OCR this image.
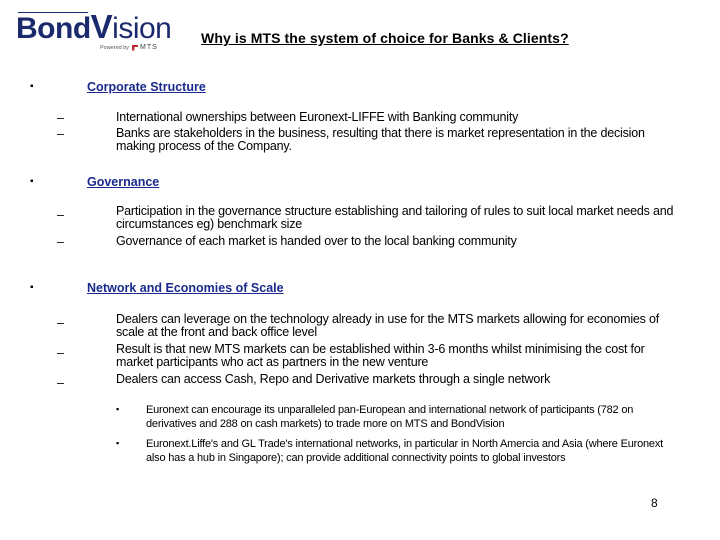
BondVision
Powered by MTS
Why is MTS the system of choice for Banks & Clients?
▪	Corporate Structure
–	International ownerships between Euronext-LIFFE with Banking community
–	Banks are stakeholders in the business, resulting that there is market representation in the decision making process of the Company.
▪	Governance
–	Participation in the governance structure establishing and tailoring of rules to suit local market needs and circumstances eg) benchmark size
–	Governance of each market is handed over to the local banking community
▪	Network and Economies of Scale
–	Dealers can leverage on the technology already in use for the MTS markets allowing for economies of scale at the front and back office level
–	Result is that new MTS markets can be established within 3-6 months whilst minimising the cost for market participants who act as partners in the new venture
–	Dealers can access Cash, Repo and Derivative markets through a single network
▪ Euronext can encourage its unparalleled pan-European and international network of participants (782 on derivatives and 288 on cash markets) to trade more on MTS and BondVision
▪ Euronext.Liffe's and GL Trade's international networks, in particular in North Amercia and Asia (where Euronext also has a hub in Singapore); can provide additional connectivity points to global investors
8
